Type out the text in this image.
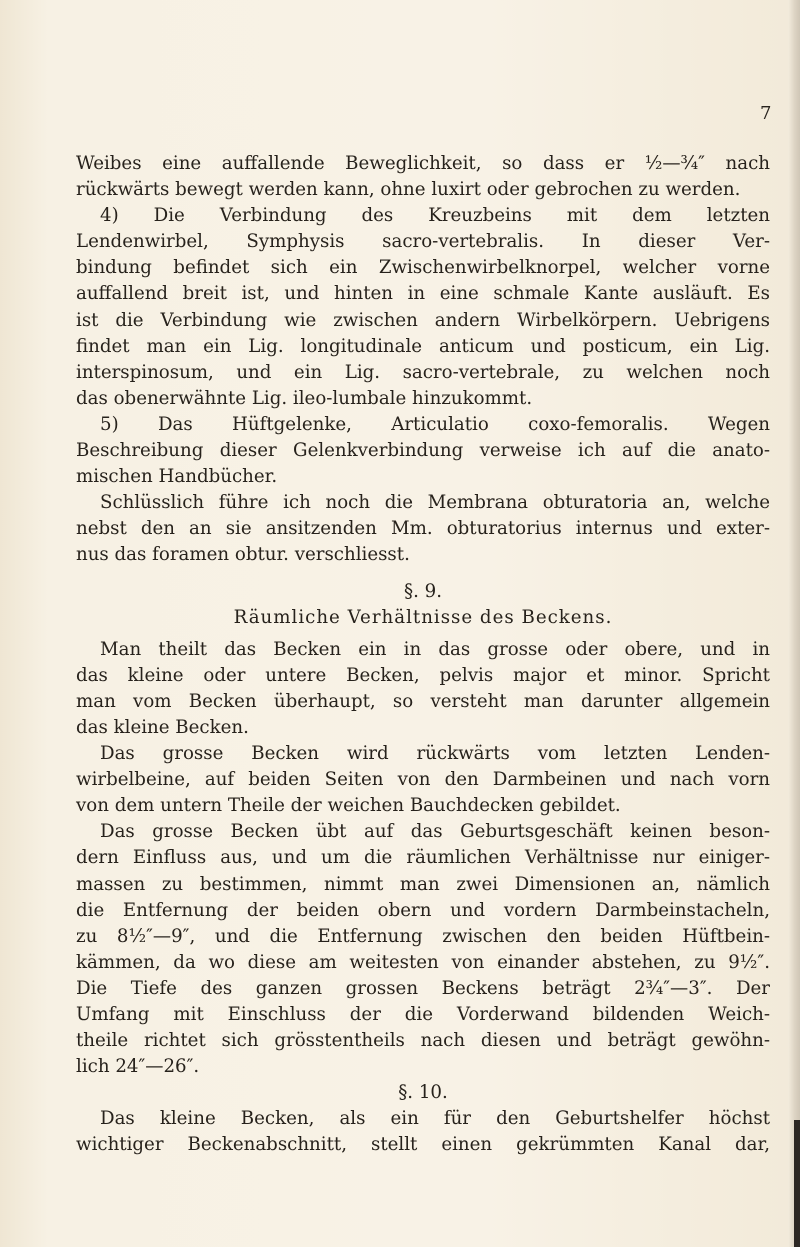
7
Weibes eine auffallende Beweglichkeit, so dass er ½—¾″ nach
rückwärts bewegt werden kann, ohne luxirt oder gebrochen zu werden.
4) Die Verbindung des Kreuzbeins mit dem letzten
Lendenwirbel, Symphysis sacro-vertebralis. In dieser Ver-
bindung befindet sich ein Zwischenwirbelknorpel, welcher vorne
auffallend breit ist, und hinten in eine schmale Kante ausläuft. Es
ist die Verbindung wie zwischen andern Wirbelkörpern. Uebrigens
findet man ein Lig. longitudinale anticum und posticum, ein Lig.
interspinosum, und ein Lig. sacro-vertebrale, zu welchen noch
das obenerwähnte Lig. ileo-lumbale hinzukommt.
5) Das Hüftgelenke, Articulatio coxo-femoralis. Wegen
Beschreibung dieser Gelenkverbindung verweise ich auf die anato-
mischen Handbücher.
Schlüsslich führe ich noch die Membrana obturatoria an, welche
nebst den an sie ansitzenden Mm. obturatorius internus und exter-
nus das foramen obtur. verschliesst.
§. 9.
Räumliche Verhältnisse des Beckens.
Man theilt das Becken ein in das grosse oder obere, und in
das kleine oder untere Becken, pelvis major et minor. Spricht
man vom Becken überhaupt, so versteht man darunter allgemein
das kleine Becken.
Das grosse Becken wird rückwärts vom letzten Lenden-
wirbelbeine, auf beiden Seiten von den Darmbeinen und nach vorn
von dem untern Theile der weichen Bauchdecken gebildet.
Das grosse Becken übt auf das Geburtsgeschäft keinen beson-
dern Einfluss aus, und um die räumlichen Verhältnisse nur einiger-
massen zu bestimmen, nimmt man zwei Dimensionen an, nämlich
die Entfernung der beiden obern und vordern Darmbeinstacheln,
zu 8½″—9″, und die Entfernung zwischen den beiden Hüftbein-
kämmen, da wo diese am weitesten von einander abstehen, zu 9½″.
Die Tiefe des ganzen grossen Beckens beträgt 2¾″—3″. Der
Umfang mit Einschluss der die Vorderwand bildenden Weich-
theile richtet sich grösstentheils nach diesen und beträgt gewöhn-
lich 24″—26″.
§. 10.
Das kleine Becken, als ein für den Geburtshelfer höchst
wichtiger Beckenabschnitt, stellt einen gekrümmten Kanal dar,
